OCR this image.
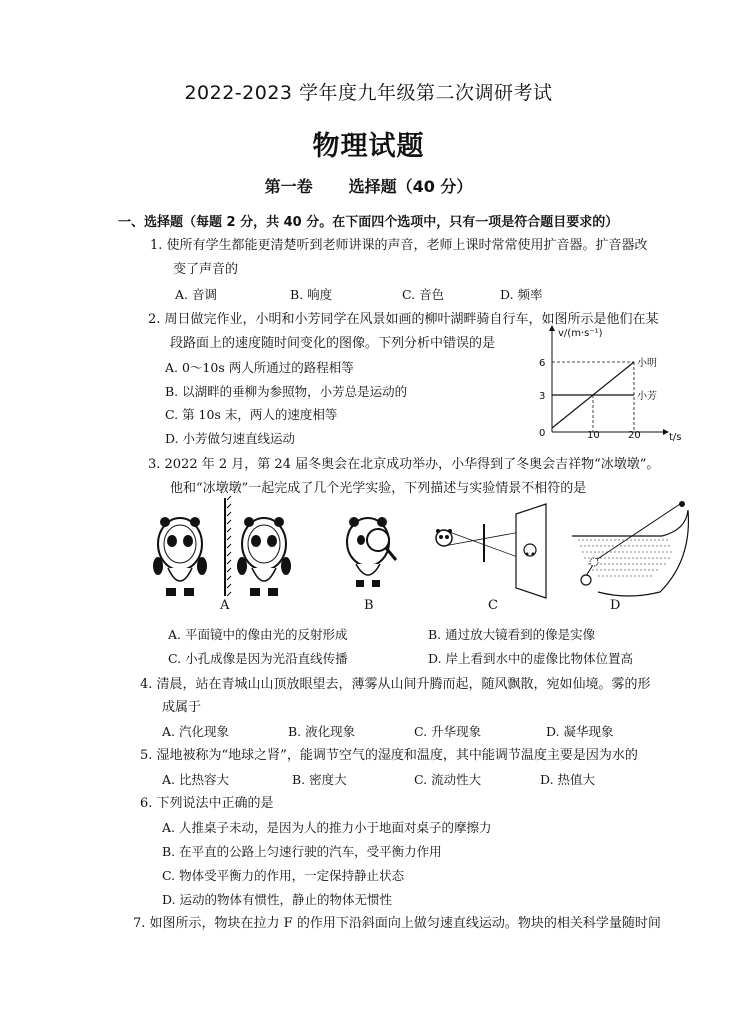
2022-2023 学年度九年级第二次调研考试
物理试题
第一卷 选择题（40 分）
一、选择题（每题 2 分，共 40 分。在下面四个选项中，只有一项是符合题目要求的）
1. 使所有学生都能更清楚听到老师讲课的声音，老师上课时常常使用扩音器。扩音器改
变了声音的
A. 音调	B. 响度	C. 音色	D. 频率
2. 周日做完作业，小明和小芳同学在风景如画的柳叶湖畔骑自行车，如图所示是他们在某
段路面上的速度随时间变化的图像。下列分析中错误的是
A. 0～10s 两人所通过的路程相等
B. 以湖畔的垂柳为参照物，小芳总是运动的
C. 第 10s 末，两人的速度相等
D. 小芳做匀速直线运动
v/(m·s⁻¹)
6
3
0	10	20	t/s
小明
小芳
3. 2022 年 2 月，第 24 届冬奥会在北京成功举办，小华得到了冬奥会吉祥物“冰墩墩”。
他和“冰墩墩”一起完成了几个光学实验，下列描述与实验情景不相符的是
A	B	C	D
A. 平面镜中的像由光的反射形成	B. 通过放大镜看到的像是实像
C. 小孔成像是因为光沿直线传播	D. 岸上看到水中的虚像比物体位置高
4. 清晨，站在青城山山顶放眼望去，薄雾从山间升腾而起，随风飘散，宛如仙境。雾的形
成属于
A. 汽化现象	B. 液化现象	C. 升华现象	D. 凝华现象
5. 湿地被称为“地球之肾”，能调节空气的湿度和温度，其中能调节温度主要是因为水的
A. 比热容大	B. 密度大	C. 流动性大	D. 热值大
6. 下列说法中正确的是
A. 人推桌子未动，是因为人的推力小于地面对桌子的摩擦力
B. 在平直的公路上匀速行驶的汽车，受平衡力作用
C. 物体受平衡力的作用，一定保持静止状态
D. 运动的物体有惯性，静止的物体无惯性
7. 如图所示，物块在拉力 F 的作用下沿斜面向上做匀速直线运动。物块的相关科学量随时间
